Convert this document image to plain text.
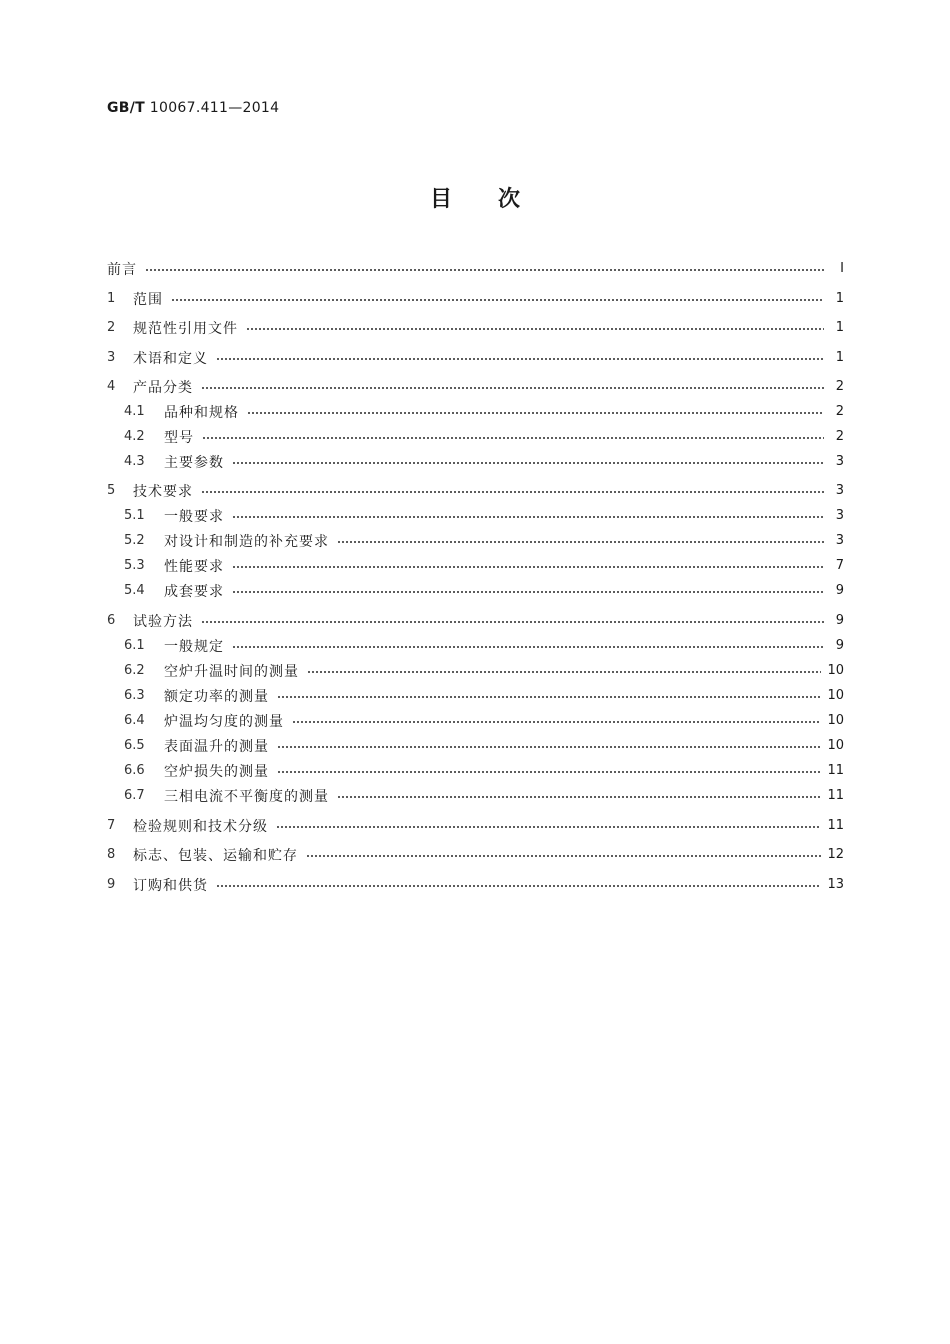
GB/T 10067.411—2014
目次
前言	Ⅰ
1	范围	1
2	规范性引用文件	1
3	术语和定义	1
4	产品分类	2
4.1	品种和规格	2
4.2	型号	2
4.3	主要参数	3
5	技术要求	3
5.1	一般要求	3
5.2	对设计和制造的补充要求	3
5.3	性能要求	7
5.4	成套要求	9
6	试验方法	9
6.1	一般规定	9
6.2	空炉升温时间的测量	10
6.3	额定功率的测量	10
6.4	炉温均匀度的测量	10
6.5	表面温升的测量	10
6.6	空炉损失的测量	11
6.7	三相电流不平衡度的测量	11
7	检验规则和技术分级	11
8	标志、包装、运输和贮存	12
9	订购和供货	13
